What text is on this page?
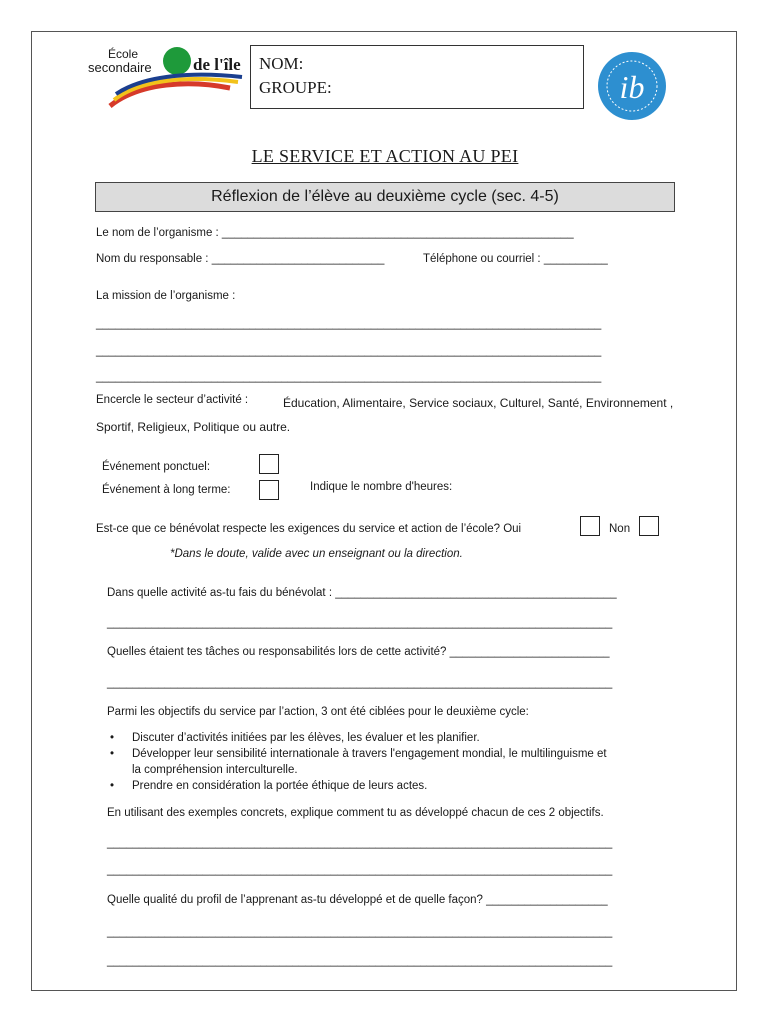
École
secondaire de l'île NOM:
GROUPE:	ib
LE SERVICE ET ACTION AU PEI
Réflexion de l’élève au deuxième cycle (sec. 4-5)
Le nom de l’organisme : _______________________________________________________
Nom du responsable : ___________________________	Téléphone ou courriel : __________
La mission de l’organisme :
_______________________________________________________________________________
_______________________________________________________________________________
_______________________________________________________________________________
Encercle le secteur d’activité :	Éducation, Alimentaire, Service sociaux, Culturel, Santé, Environnement ,
Sportif, Religieux, Politique ou autre.
Événement ponctuel:
Événement à long terme:	Indique le nombre d'heures:
Est-ce que ce bénévolat respecte les exigences du service et action de l’école? Oui	Non
*Dans le doute, valide avec un enseignant ou la direction.
Dans quelle activité as-tu fais du bénévolat : ____________________________________________
_______________________________________________________________________________
Quelles étaient tes tâches ou responsabilités lors de cette activité? _________________________
_______________________________________________________________________________
Parmi les objectifs du service par l’action, 3 ont été ciblées pour le deuxième cycle:
• Discuter d’activités initiées par les élèves, les évaluer et les planifier.
• Développer leur sensibilité internationale à travers l'engagement mondial, le multilinguisme et
la compréhension interculturelle.
• Prendre en considération la portée éthique de leurs actes.
En utilisant des exemples concrets, explique comment tu as développé chacun de ces 2 objectifs.
_______________________________________________________________________________
_______________________________________________________________________________
Quelle qualité du profil de l’apprenant as-tu développé et de quelle façon? ___________________
_______________________________________________________________________________
_______________________________________________________________________________
